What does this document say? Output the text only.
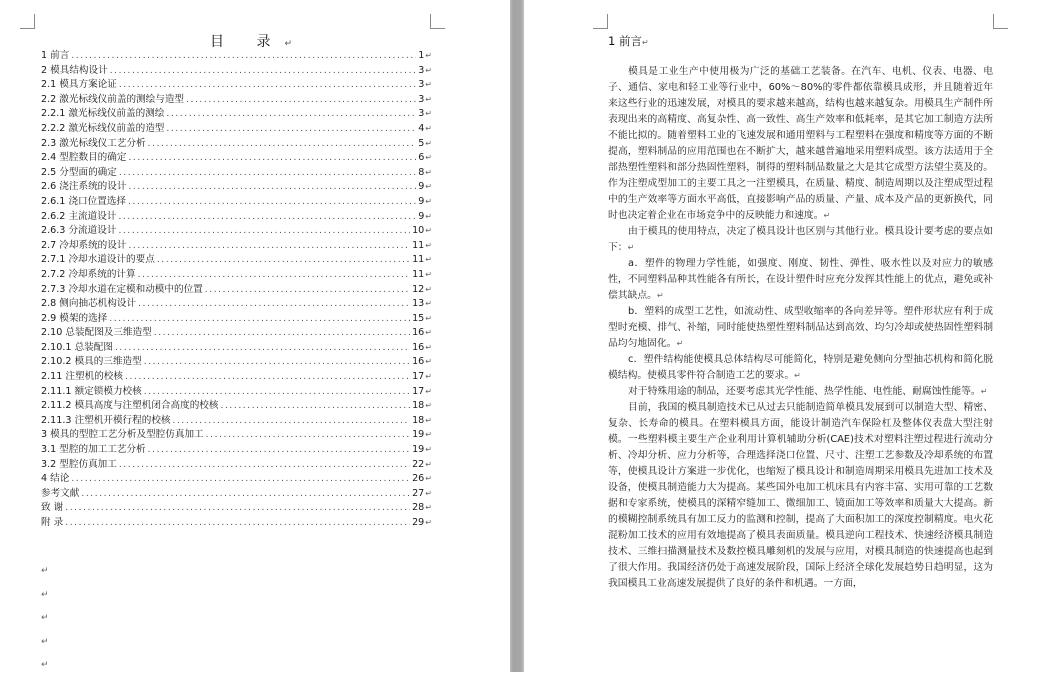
目 录↵
1 前言 .....	1 ↵
2 模具结构设计 .....	3 ↵
2.1 模具方案论证 .....	3 ↵
2.2 激光标线仪前盖的测绘与造型 .....	3 ↵
2.2.1 激光标线仪前盖的测绘 .....	3 ↵
2.2.2 激光标线仪前盖的造型 .....	4 ↵
2.3 激光标线仪工艺分析 .....	5 ↵
2.4 型腔数目的确定 .....	6 ↵
2.5 分型面的确定 .....	8 ↵
2.6 浇注系统的设计 .....	9 ↵
2.6.1 浇口位置选择 .....	9 ↵
2.6.2 主流道设计 .....	9 ↵
2.6.3 分流道设计 .....	10 ↵
2.7 冷却系统的设计 .....	11 ↵
2.7.1 冷却水道设计的要点 .....	11 ↵
2.7.2 冷却系统的计算 .....	11 ↵
2.7.3 冷却水道在定模和动模中的位置 .....	12 ↵
2.8 侧向抽芯机构设计 .....	13 ↵
2.9 模架的选择 .....	15 ↵
2.10 总装配图及三维造型 .....	16 ↵
2.10.1 总装配图 .....	16 ↵
2.10.2 模具的三维造型 .....	16 ↵
2.11 注塑机的校核 .....	17 ↵
2.11.1 额定锁模力校核 .....	17 ↵
2.11.2 模具高度与注塑机闭合高度的校核 .....	18 ↵
2.11.3 注塑机开模行程的校核 .....	18 ↵
3 模具的型腔工艺分析及型腔仿真加工 .....	19 ↵
3.1 型腔的加工工艺分析 .....	19 ↵
3.2 型腔仿真加工 .....	22 ↵
4 结论 .....	26 ↵
参考文献 .....	27 ↵
致 谢 .....	28 ↵
附 录 .....	29 ↵
↵
↵
↵
↵
↵
1 前言↵

模具是工业生产中使用极为广泛的基础工艺装备。在汽车、电机、仪表、电器、电子、通信、家电和轻工业等行业中，60%～80%的零件都依靠模具成形，并且随着近年来这些行业的迅速发展，对模具的要求越来越高，结构也越来越复杂。用模具生产制件所表现出来的高精度、高复杂性、高一致性、高生产效率和低耗率，是其它加工制造方法所不能比拟的。随着塑料工业的飞速发展和通用塑料与工程塑料在强度和精度等方面的不断提高，塑料制品的应用范围也在不断扩大，越来越普遍地采用塑料成型。该方法适用于全部热塑性塑料和部分热固性塑料，制得的塑料制品数量之大是其它成型方法望尘莫及的。作为注塑成型加工的主要工具之一注塑模具，在质量、精度、制造周期以及注塑成型过程中的生产效率等方面水平高低，直接影响产品的质量、产量、成本及产品的更新换代，同时也决定着企业在市场竞争中的反映能力和速度。↵

由于模具的使用特点，决定了模具设计也区别与其他行业。模具设计要考虑的要点如下：↵

a．塑件的物理力学性能，如强度、刚度、韧性、弹性、吸水性以及对应力的敏感性，不同塑料品种其性能各有所长，在设计塑件时应充分发挥其性能上的优点，避免或补偿其缺点。↵

b．塑料的成型工艺性，如流动性、成型收缩率的各向差异等。塑件形状应有利于成型时充模、排气、补缩，同时能使热塑性塑料制品达到高效、均匀冷却或使热固性塑料制品均匀地固化。↵

c．塑件结构能使模具总体结构尽可能简化，特别是避免侧向分型抽芯机构和简化脱模结构。使模具零件符合制造工艺的要求。↵

对于特殊用途的制品，还要考虑其光学性能、热学性能、电性能、耐腐蚀性能等。↵

目前，我国的模具制造技术已从过去只能制造简单模具发展到可以制造大型、精密、复杂、长寿命的模具。在塑料模具方面，能设计制造汽车保险杠及整体仪表盘大型注射模。一些塑料模主要生产企业利用计算机辅助分析(CAE)技术对塑料注塑过程进行流动分析、冷却分析、应力分析等，合理选择浇口位置、尺寸、注塑工艺参数及冷却系统的布置等，使模具设计方案进一步优化，也缩短了模具设计和制造周期采用模具先进加工技术及设备，使模具制造能力大为提高。某些国外电加工机床具有内容丰富、实用可靠的工艺数据和专家系统，使模具的深精窄缝加工、微细加工、镜面加工等效率和质量大大提高。新的模糊控制系统具有加工反力的监测和控制，提高了大面积加工的深度控制精度。电火花混粉加工技术的应用有效地提高了模具表面质量。模具逆向工程技术、快速经济模具制造技术、三维扫描测量技术及数控模具雕刻机的发展与应用，对模具制造的快速提高也起到了很大作用。我国经济仍处于高速发展阶段，国际上经济全球化发展趋势日趋明显，这为我国模具工业高速发展提供了良好的条件和机遇。一方面，
